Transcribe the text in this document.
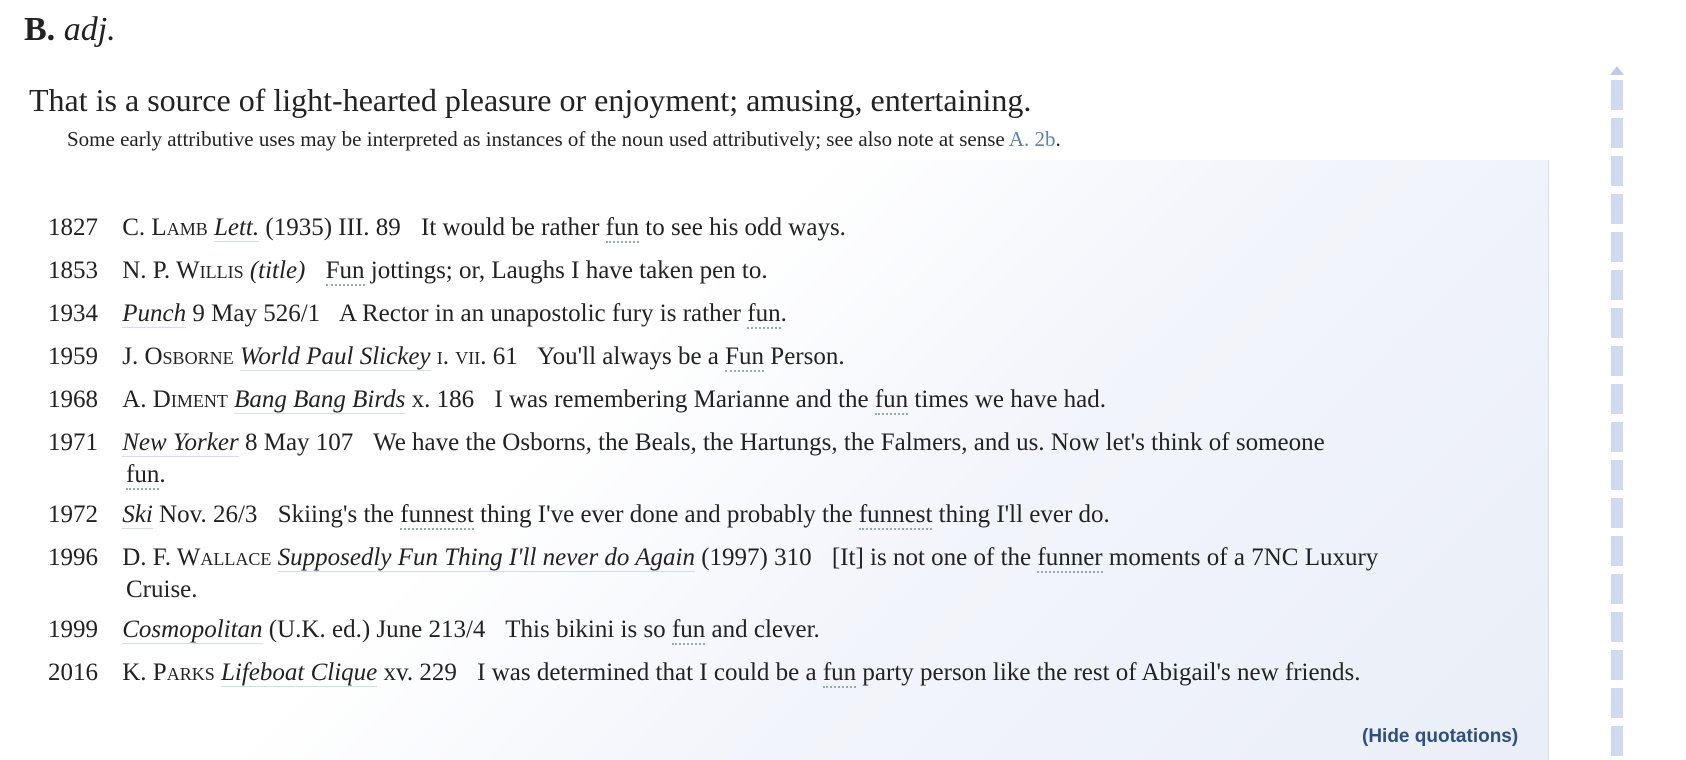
B. adj.
That is a source of light-hearted pleasure or enjoyment; amusing, entertaining.
Some early attributive uses may be interpreted as instances of the noun used attributively; see also note at sense A. 2b.
1827 C. Lamb Lett. (1935) III. 89 It would be rather fun to see his odd ways.
1853 N. P. Willis (title) Fun jottings; or, Laughs I have taken pen to.
1934 Punch 9 May 526/1 A Rector in an unapostolic fury is rather fun.
1959 J. Osborne World Paul Slickey i. vii. 61 You'll always be a Fun Person.
1968 A. Diment Bang Bang Birds x. 186 I was remembering Marianne and the fun times we have had.
1971 New Yorker 8 May 107 We have the Osborns, the Beals, the Hartungs, the Falmers, and us. Now let's think of someone
fun.
1972 Ski Nov. 26/3 Skiing's the funnest thing I've ever done and probably the funnest thing I'll ever do.
1996 D. F. Wallace Supposedly Fun Thing I'll never do Again (1997) 310 [It] is not one of the funner moments of a 7NC Luxury
Cruise.
1999 Cosmopolitan (U.K. ed.) June 213/4 This bikini is so fun and clever.
2016 K. Parks Lifeboat Clique xv. 229 I was determined that I could be a fun party person like the rest of Abigail's new friends.
(Hide quotations)
